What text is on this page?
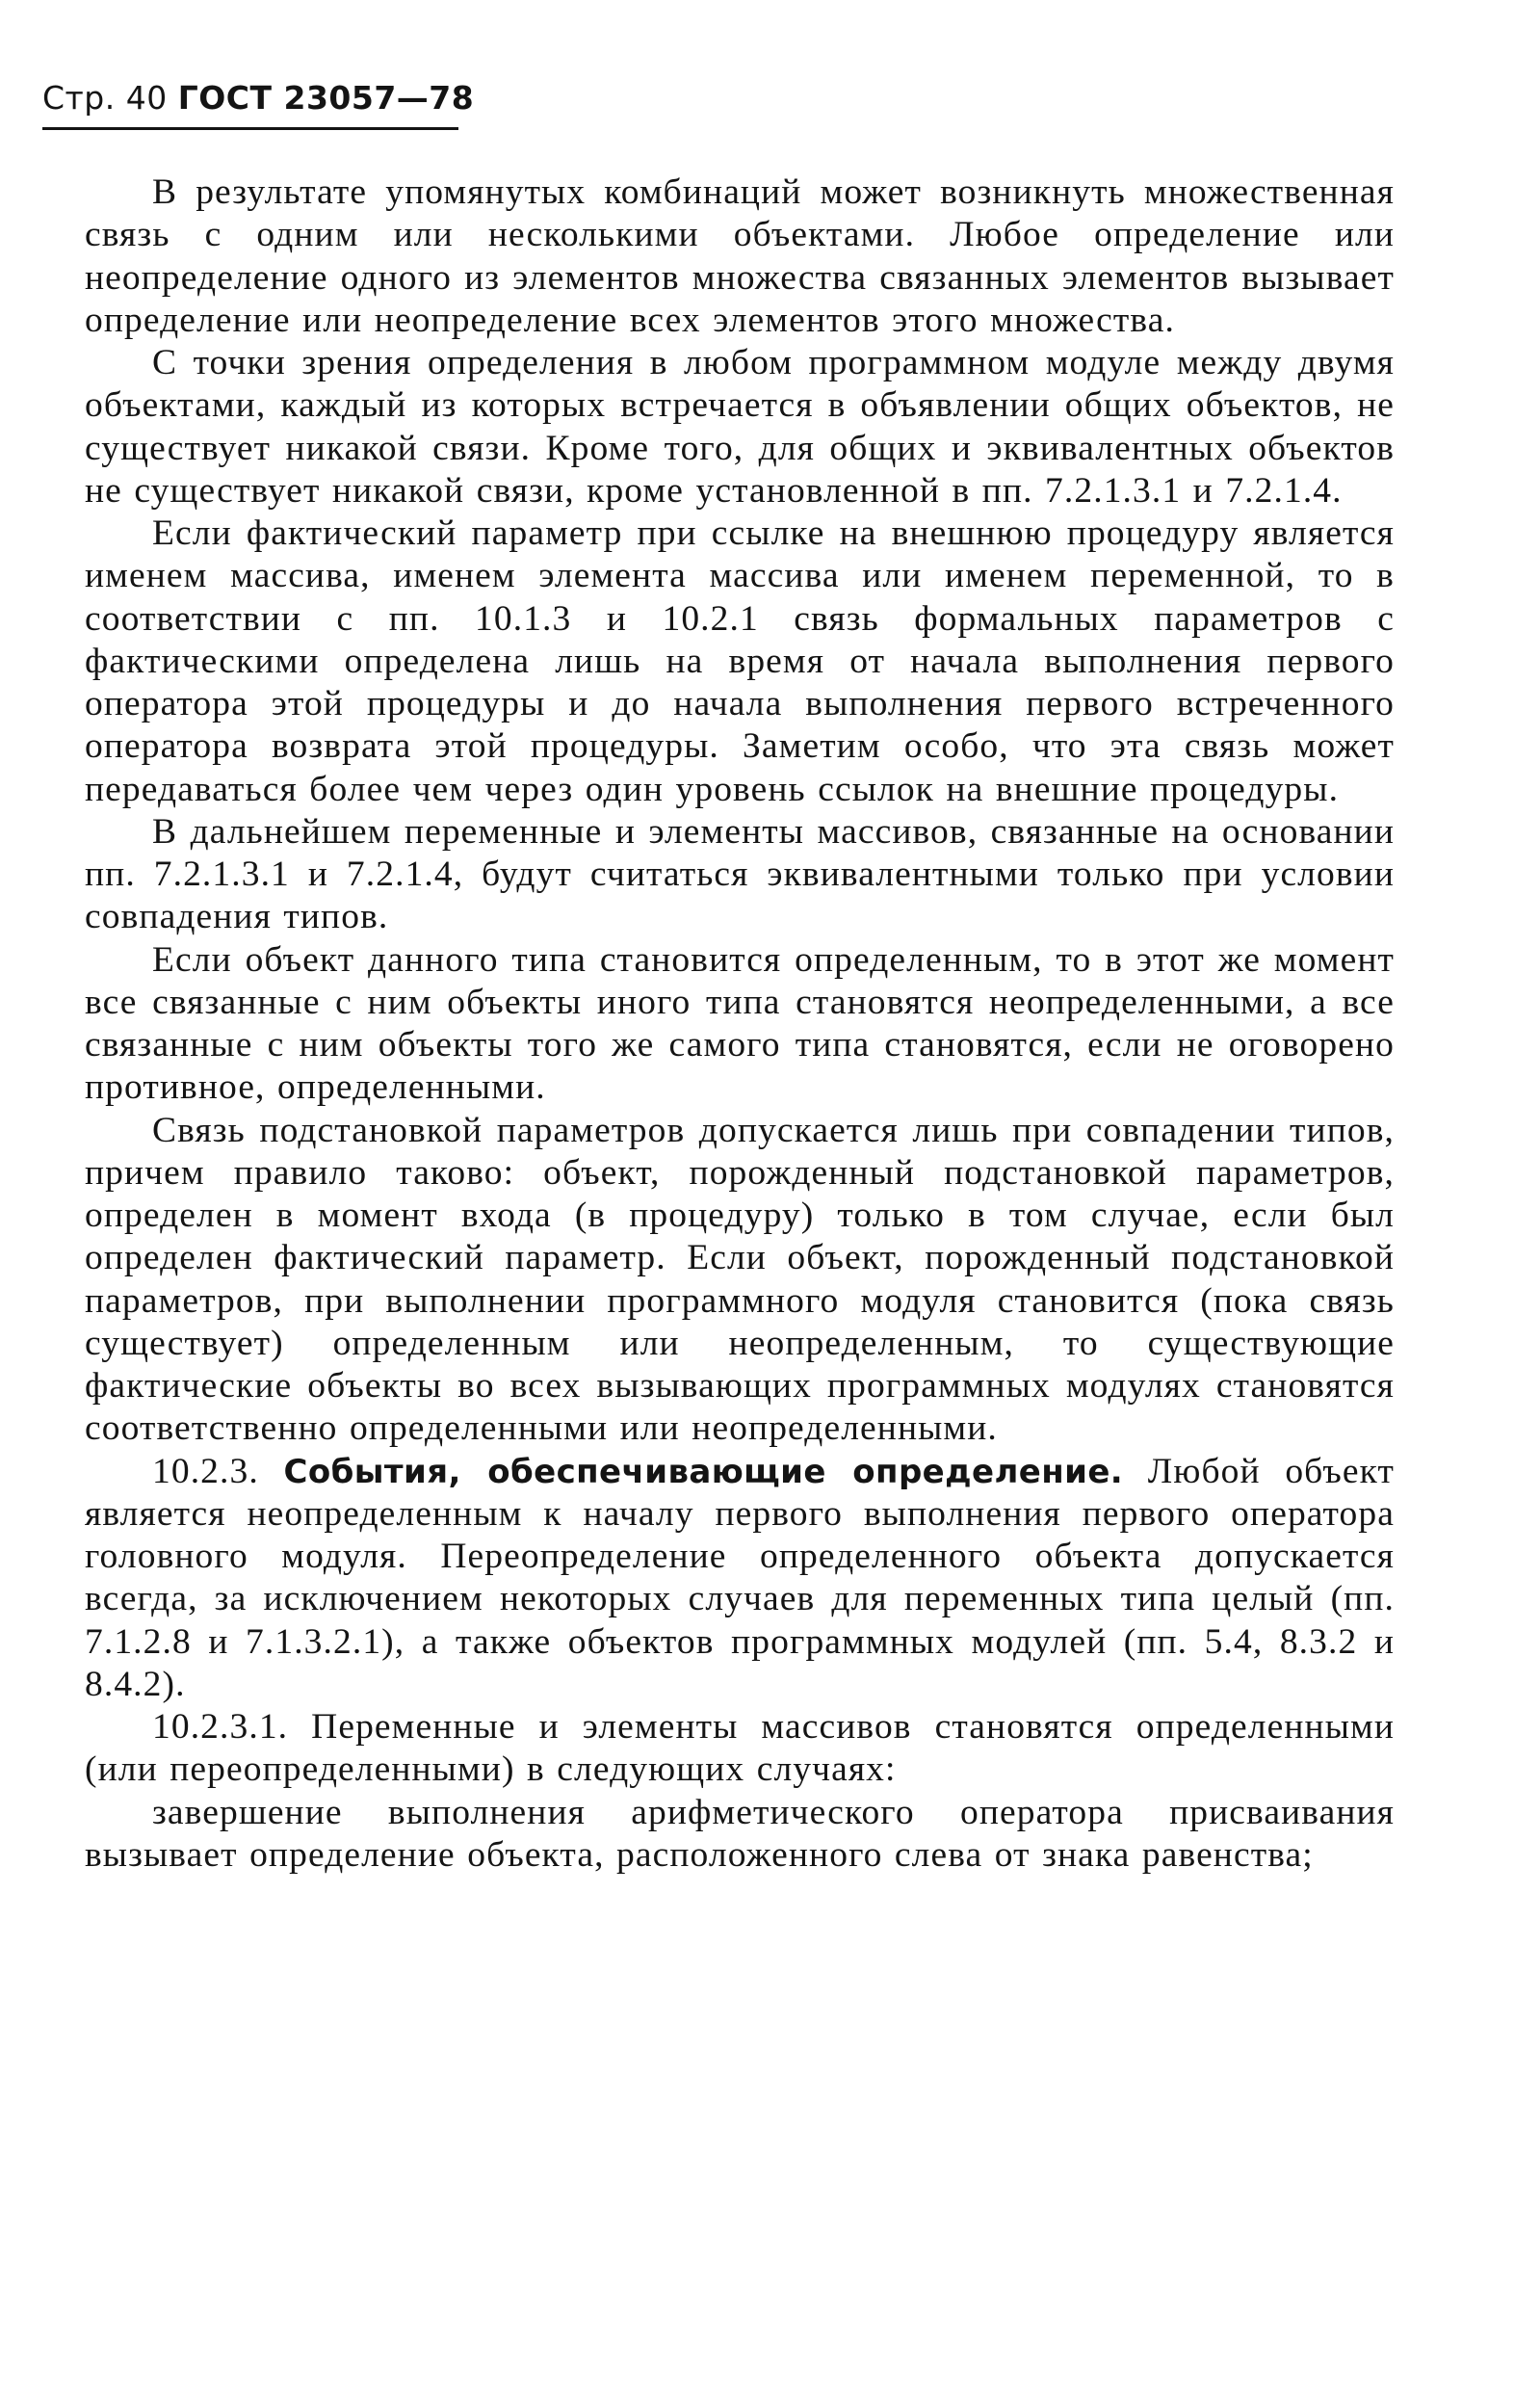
Стр. 40 ГОСТ 23057—78

В результате упомянутых комбинаций может возникнуть множественная связь с одним или несколькими объектами. Любое определение или неопределение одного из элементов множества связанных элементов вызывает определение или неопределение всех элементов этого множества.

С точки зрения определения в любом программном модуле между двумя объектами, каждый из которых встречается в объявлении общих объектов, не существует никакой связи. Кроме того, для общих и эквивалентных объектов не существует никакой связи, кроме установленной в пп. 7.2.1.3.1 и 7.2.1.4.

Если фактический параметр при ссылке на внешнюю процедуру является именем массива, именем элемента массива или именем переменной, то в соответствии с пп. 10.1.3 и 10.2.1 связь формальных параметров с фактическими определена лишь на время от начала выполнения первого оператора этой процедуры и до начала выполнения первого встреченного оператора возврата этой процедуры. Заметим особо, что эта связь может передаваться более чем через один уровень ссылок на внешние процедуры.

В дальнейшем переменные и элементы массивов, связанные на основании пп. 7.2.1.3.1 и 7.2.1.4, будут считаться эквивалентными только при условии совпадения типов.

Если объект данного типа становится определенным, то в этот же момент все связанные с ним объекты иного типа становятся неопределенными, а все связанные с ним объекты того же самого типа становятся, если не оговорено противное, определенными.

Связь подстановкой параметров допускается лишь при совпадении типов, причем правило таково: объект, порожденный подстановкой параметров, определен в момент входа (в процедуру) только в том случае, если был определен фактический параметр. Если объект, порожденный подстановкой параметров, при выполнении программного модуля становится (пока связь существует) определенным или неопределенным, то существующие фактические объекты во всех вызывающих программных модулях становятся соответственно определенными или неопределенными.

10.2.3. События, обеспечивающие определение. Любой объект является неопределенным к началу первого выполнения первого оператора головного модуля. Переопределение определенного объекта допускается всегда, за исключением некоторых случаев для переменных типа целый (пп. 7.1.2.8 и 7.1.3.2.1), а также объектов программных модулей (пп. 5.4, 8.3.2 и 8.4.2).

10.2.3.1. Переменные и элементы массивов становятся определенными (или переопределенными) в следующих случаях:

завершение выполнения арифметического оператора присваивания вызывает определение объекта, расположенного слева от знака равенства;
